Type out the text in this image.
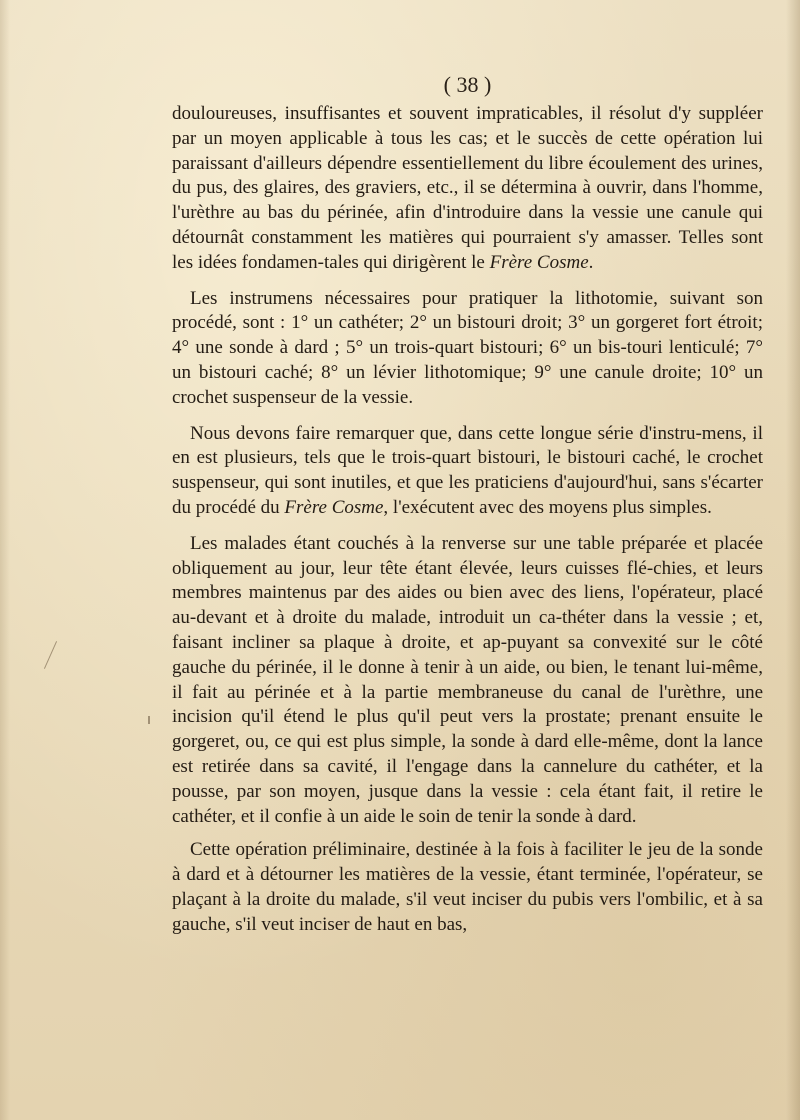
( 38 )

douloureuses, insuffisantes et souvent impraticables, il résolut d'y suppléer par un moyen applicable à tous les cas; et le succès de cette opération lui paraissant d'ailleurs dépendre essentiellement du libre écoulement des urines, du pus, des glaires, des graviers, etc., il se détermina à ouvrir, dans l'homme, l'urèthre au bas du périnée, afin d'introduire dans la vessie une canule qui détournât constamment les matières qui pourraient s'y amasser. Telles sont les idées fondamen-tales qui dirigèrent le Frère Cosme.

Les instrumens nécessaires pour pratiquer la lithotomie, suivant son procédé, sont : 1° un cathéter; 2° un bistouri droit; 3° un gorgeret fort étroit; 4° une sonde à dard ; 5° un trois-quart bistouri; 6° un bis-touri lenticulé; 7° un bistouri caché; 8° un lévier lithotomique; 9° une canule droite; 10° un crochet suspenseur de la vessie.

Nous devons faire remarquer que, dans cette longue série d'instru-mens, il en est plusieurs, tels que le trois-quart bistouri, le bistouri caché, le crochet suspenseur, qui sont inutiles, et que les praticiens d'aujourd'hui, sans s'écarter du procédé du Frère Cosme, l'exécutent avec des moyens plus simples.

Les malades étant couchés à la renverse sur une table préparée et placée obliquement au jour, leur tête étant élevée, leurs cuisses flé-chies, et leurs membres maintenus par des aides ou bien avec des liens, l'opérateur, placé au-devant et à droite du malade, introduit un ca-théter dans la vessie ; et, faisant incliner sa plaque à droite, et ap-puyant sa convexité sur le côté gauche du périnée, il le donne à tenir à un aide, ou bien, le tenant lui-même, il fait au périnée et à la partie membraneuse du canal de l'urèthre, une incision qu'il étend le plus qu'il peut vers la prostate; prenant ensuite le gorgeret, ou, ce qui est plus simple, la sonde à dard elle-même, dont la lance est retirée dans sa cavité, il l'engage dans la cannelure du cathéter, et la pousse, par son moyen, jusque dans la vessie : cela étant fait, il retire le cathéter, et il confie à un aide le soin de tenir la sonde à dard.

Cette opération préliminaire, destinée à la fois à faciliter le jeu de la sonde à dard et à détourner les matières de la vessie, étant terminée, l'opérateur, se plaçant à la droite du malade, s'il veut inciser du pubis vers l'ombilic, et à sa gauche, s'il veut inciser de haut en bas,
